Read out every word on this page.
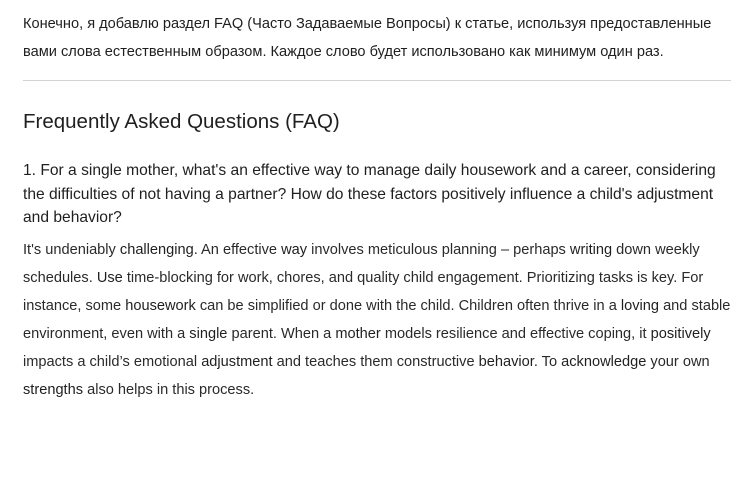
Конечно, я добавлю раздел FAQ (Часто Задаваемые Вопросы) к статье, используя предоставленные вами слова естественным образом. Каждое слово будет использовано как минимум один раз.

Frequently Asked Questions (FAQ)

1. For a single mother, what's an effective way to manage daily housework and a career, considering the difficulties of not having a partner? How do these factors positively influence a child's adjustment and behavior?

It's undeniably challenging. An effective way involves meticulous planning – perhaps writing down weekly schedules. Use time-blocking for work, chores, and quality child engagement. Prioritizing tasks is key. For instance, some housework can be simplified or done with the child. Children often thrive in a loving and stable environment, even with a single parent. When a mother models resilience and effective coping, it positively impacts a child’s emotional adjustment and teaches them constructive behavior. To acknowledge your own strengths also helps in this process.
